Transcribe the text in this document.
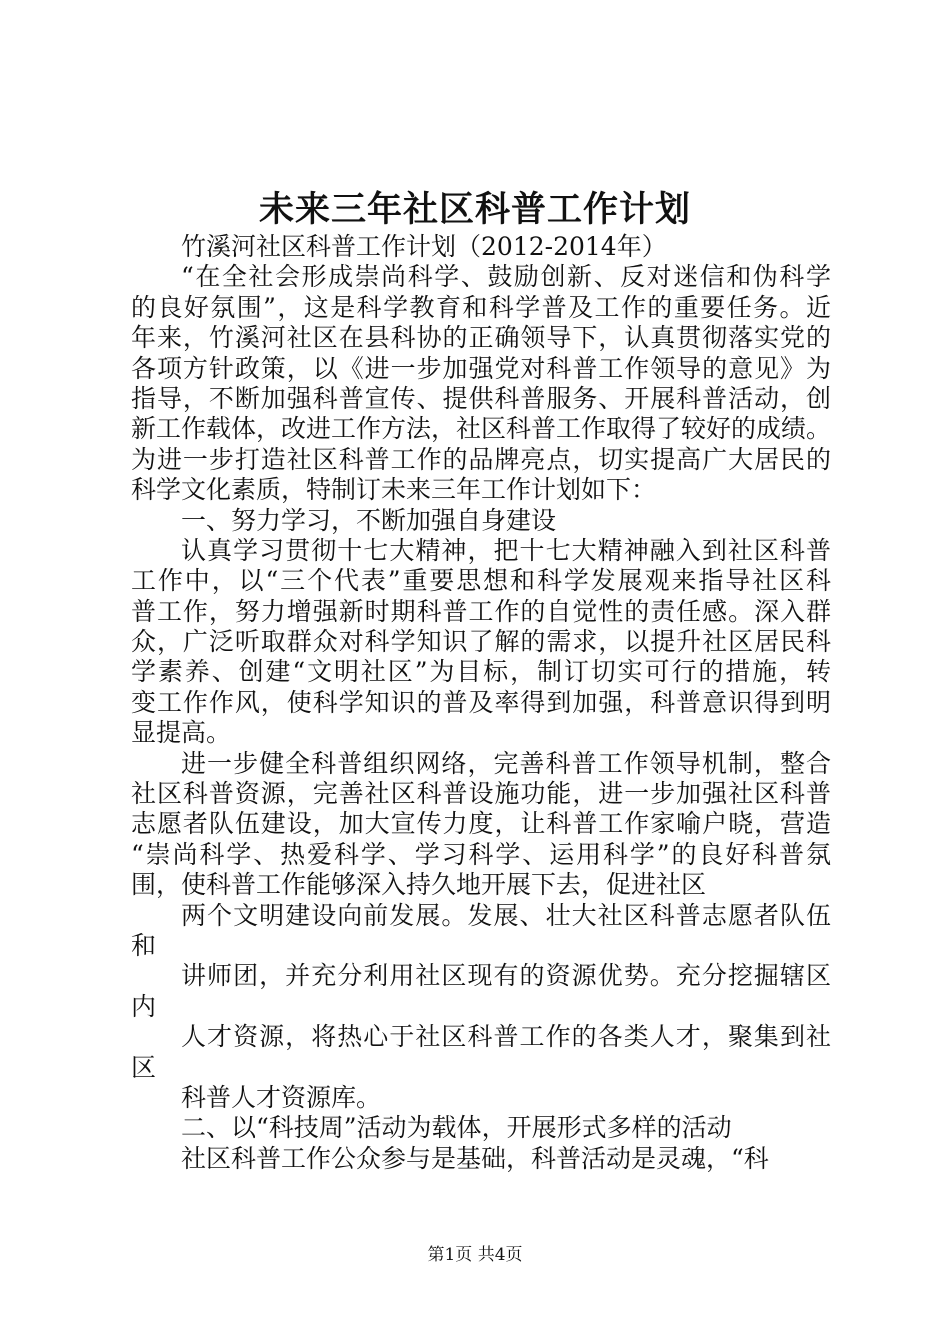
未来三年社区科普工作计划
竹溪河社区科普工作计划（2012-2014年）
“在全社会形成崇尚科学、鼓励创新、反对迷信和伪科学
的良好氛围”，这是科学教育和科学普及工作的重要任务。近
年来，竹溪河社区在县科协的正确领导下，认真贯彻落实党的
各项方针政策，以《进一步加强党对科普工作领导的意见》为
指导，不断加强科普宣传、提供科普服务、开展科普活动，创
新工作载体，改进工作方法，社区科普工作取得了较好的成绩。
为进一步打造社区科普工作的品牌亮点，切实提高广大居民的
科学文化素质，特制订未来三年工作计划如下：
一、努力学习，不断加强自身建设
认真学习贯彻十七大精神，把十七大精神融入到社区科普
工作中，以“三个代表”重要思想和科学发展观来指导社区科
普工作，努力增强新时期科普工作的自觉性的责任感。深入群
众，广泛听取群众对科学知识了解的需求，以提升社区居民科
学素养、创建“文明社区”为目标，制订切实可行的措施，转
变工作作风，使科学知识的普及率得到加强，科普意识得到明
显提高。
进一步健全科普组织网络，完善科普工作领导机制，整合
社区科普资源，完善社区科普设施功能，进一步加强社区科普
志愿者队伍建设，加大宣传力度，让科普工作家喻户晓，营造
“崇尚科学、热爱科学、学习科学、运用科学”的良好科普氛
围，使科普工作能够深入持久地开展下去，促进社区
两个文明建设向前发展。发展、壮大社区科普志愿者队伍
和
讲师团，并充分利用社区现有的资源优势。充分挖掘辖区
内
人才资源，将热心于社区科普工作的各类人才，聚集到社
区
科普人才资源库。
二、以“科技周”活动为载体，开展形式多样的活动
社区科普工作公众参与是基础，科普活动是灵魂，“科
第1页 共4页
